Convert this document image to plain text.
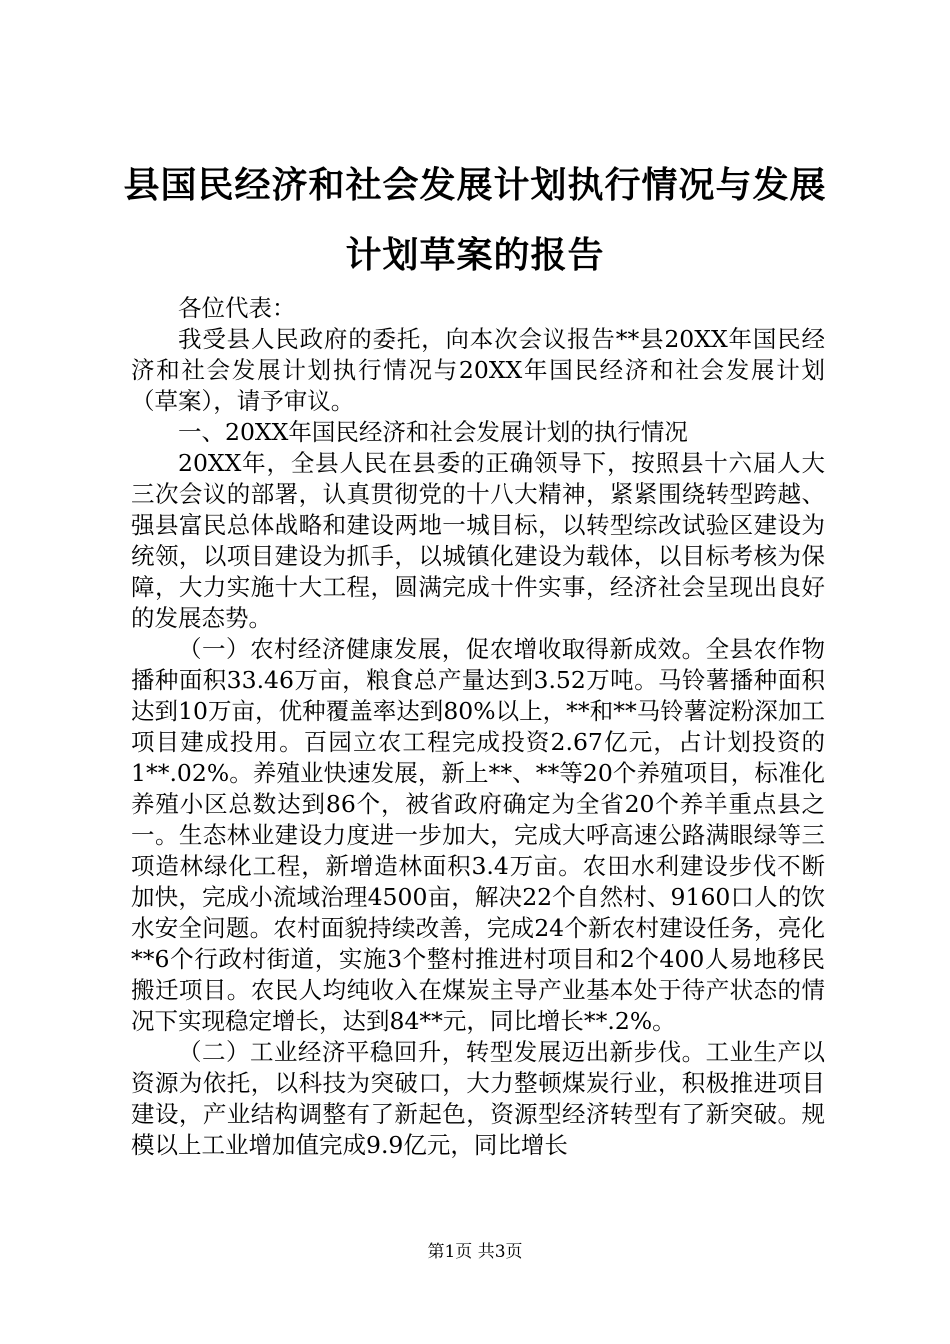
县国民经济和社会发展计划执行情况与发展计划草案的报告

各位代表：

我受县人民政府的委托，向本次会议报告**县20XX年国民经济和社会发展计划执行情况与20XX年国民经济和社会发展计划（草案），请予审议。

一、20XX年国民经济和社会发展计划的执行情况

20XX年，全县人民在县委的正确领导下，按照县十六届人大三次会议的部署，认真贯彻党的十八大精神，紧紧围绕转型跨越、强县富民总体战略和建设两地一城目标，以转型综改试验区建设为统领，以项目建设为抓手，以城镇化建设为载体，以目标考核为保障，大力实施十大工程，圆满完成十件实事，经济社会呈现出良好的发展态势。

（一）农村经济健康发展，促农增收取得新成效。全县农作物播种面积33.46万亩，粮食总产量达到3.52万吨。马铃薯播种面积达到10万亩，优种覆盖率达到80%以上，**和**马铃薯淀粉深加工项目建成投用。百园立农工程完成投资2.67亿元，占计划投资的1**.02%。养殖业快速发展，新上**、**等20个养殖项目，标准化养殖小区总数达到86个，被省政府确定为全省20个养羊重点县之一。生态林业建设力度进一步加大，完成大呼高速公路满眼绿等三项造林绿化工程，新增造林面积3.4万亩。农田水利建设步伐不断加快，完成小流域治理4500亩，解决22个自然村、9160口人的饮水安全问题。农村面貌持续改善，完成24个新农村建设任务，亮化**6个行政村街道，实施3个整村推进村项目和2个400人易地移民搬迁项目。农民人均纯收入在煤炭主导产业基本处于待产状态的情况下实现稳定增长，达到84**元，同比增长**.2%。

（二）工业经济平稳回升，转型发展迈出新步伐。工业生产以资源为依托，以科技为突破口，大力整顿煤炭行业，积极推进项目建设，产业结构调整有了新起色，资源型经济转型有了新突破。规模以上工业增加值完成9.9亿元，同比增长

第1页 共3页
